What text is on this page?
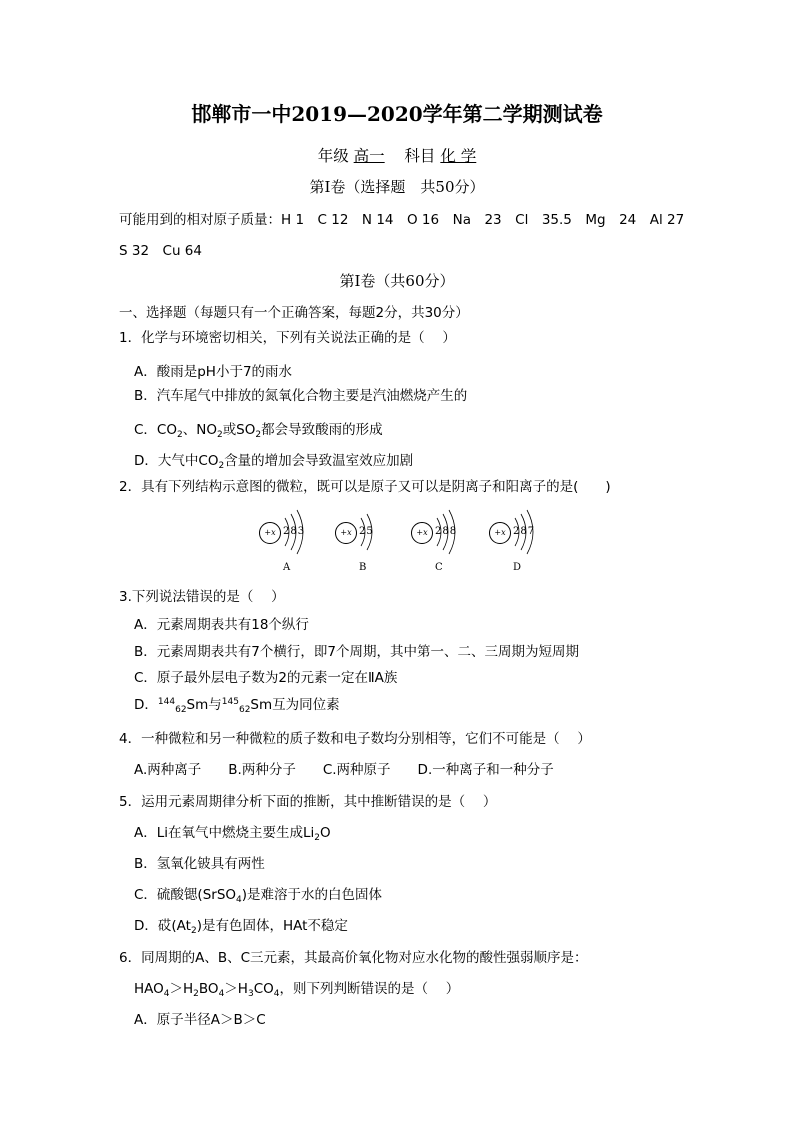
邯郸市一中2019—2020学年第二学期测试卷
年级 高一 科目 化 学
第Ⅰ卷（选择题　共50分）
可能用到的相对原子质量：H 1　C 12　N 14　O 16　Na　23　Cl　35.5　Mg　24　Al 27
S 32　Cu 64
第Ⅰ卷（共60分）
一、选择题（每题只有一个正确答案，每题2分，共30分）
1．化学与环境密切相关，下列有关说法正确的是（　 ）
A．酸雨是pH小于7的雨水
B．汽车尾气中排放的氮氧化合物主要是汽油燃烧产生的
C．$CO_2$、$NO_2$或$SO_2$都会导致酸雨的形成
D．大气中$CO_2$含量的增加会导致温室效应加剧
2．具有下列结构示意图的微粒，既可以是原子又可以是阴离子和阳离子的是(　　)
+x 283
A
+x 25
B
+x 288
C
+x 287
D
3.下列说法错误的是（　 ）
A．元素周期表共有18个纵行
B．元素周期表共有7个横行，即7个周期，其中第一、二、三周期为短周期
C．原子最外层电子数为2的元素一定在ⅡA族
D．$^{144}_{62}$Sm与$^{145}_{62}$Sm互为同位素
4．一种微粒和另一种微粒的质子数和电子数均分别相等，它们不可能是（　 ）
A.两种离子　　B.两种分子　　C.两种原子　　D.一种离子和一种分子
5．运用元素周期律分析下面的推断，其中推断错误的是（　 ）
A．Li在氧气中燃烧主要生成$Li_2O$
B．氢氧化铍具有两性
C．硫酸锶(SrSO$_4$)是难溶于水的白色固体
D．砹$(At_2)$是有色固体，HAt不稳定
6．同周期的A、B、C三元素，其最高价氧化物对应水化物的酸性强弱顺序是：
$HAO_4>H_2BO_4>H_3CO_4$，则下列判断错误的是（　 ）
A．原子半径A＞B＞C
